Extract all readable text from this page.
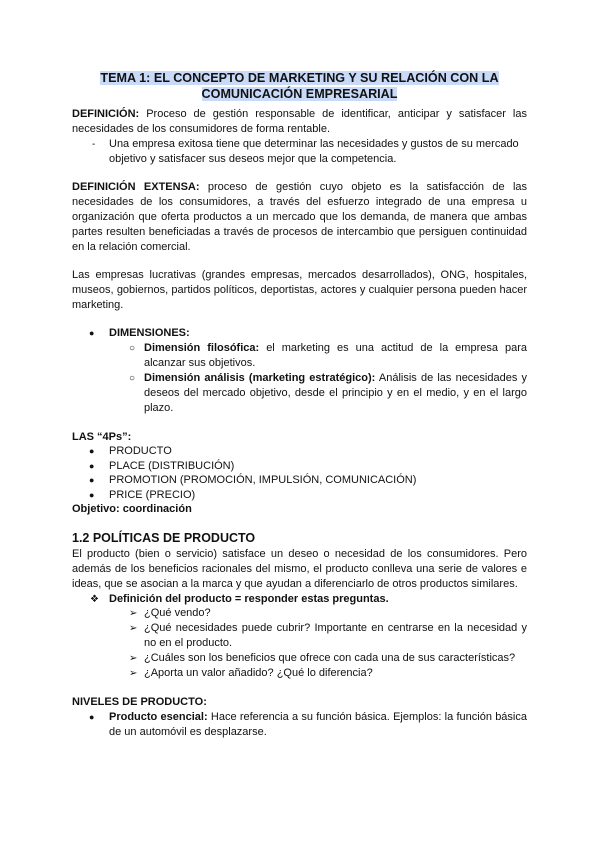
TEMA 1: EL CONCEPTO DE MARKETING Y SU RELACIÓN CON LA
COMUNICACIÓN EMPRESARIAL
DEFINICIÓN: Proceso de gestión responsable de identificar, anticipar y satisfacer las necesidades de los consumidores de forma rentable.
- Una empresa exitosa tiene que determinar las necesidades y gustos de su mercado objetivo y satisfacer sus deseos mejor que la competencia.
DEFINICIÓN EXTENSA: proceso de gestión cuyo objeto es la satisfacción de las necesidades de los consumidores, a través del esfuerzo integrado de una empresa u organización que oferta productos a un mercado que los demanda, de manera que ambas partes resulten beneficiadas a través de procesos de intercambio que persiguen continuidad en la relación comercial.
Las empresas lucrativas (grandes empresas, mercados desarrollados), ONG, hospitales, museos, gobiernos, partidos políticos, deportistas, actores y cualquier persona pueden hacer marketing.
● DIMENSIONES:
○ Dimensión filosófica: el marketing es una actitud de la empresa para alcanzar sus objetivos.
○ Dimensión análisis (marketing estratégico): Análisis de las necesidades y deseos del mercado objetivo, desde el principio y en el medio, y en el largo plazo.
LAS “4Ps”:
● PRODUCTO
● PLACE (DISTRIBUCIÓN)
● PROMOTION (PROMOCIÓN, IMPULSIÓN, COMUNICACIÓN)
● PRICE (PRECIO)
Objetivo: coordinación
1.2 POLÍTICAS DE PRODUCTO
El producto (bien o servicio) satisface un deseo o necesidad de los consumidores. Pero además de los beneficios racionales del mismo, el producto conlleva una serie de valores e ideas, que se asocian a la marca y que ayudan a diferenciarlo de otros productos similares.
❖ Definición del producto = responder estas preguntas.
➢ ¿Qué vendo?
➢ ¿Qué necesidades puede cubrir? Importante en centrarse en la necesidad y no en el producto.
➢ ¿Cuáles son los beneficios que ofrece con cada una de sus características?
➢ ¿Aporta un valor añadido? ¿Qué lo diferencia?
NIVELES DE PRODUCTO:
● Producto esencial: Hace referencia a su función básica. Ejemplos: la función básica de un automóvil es desplazarse.
